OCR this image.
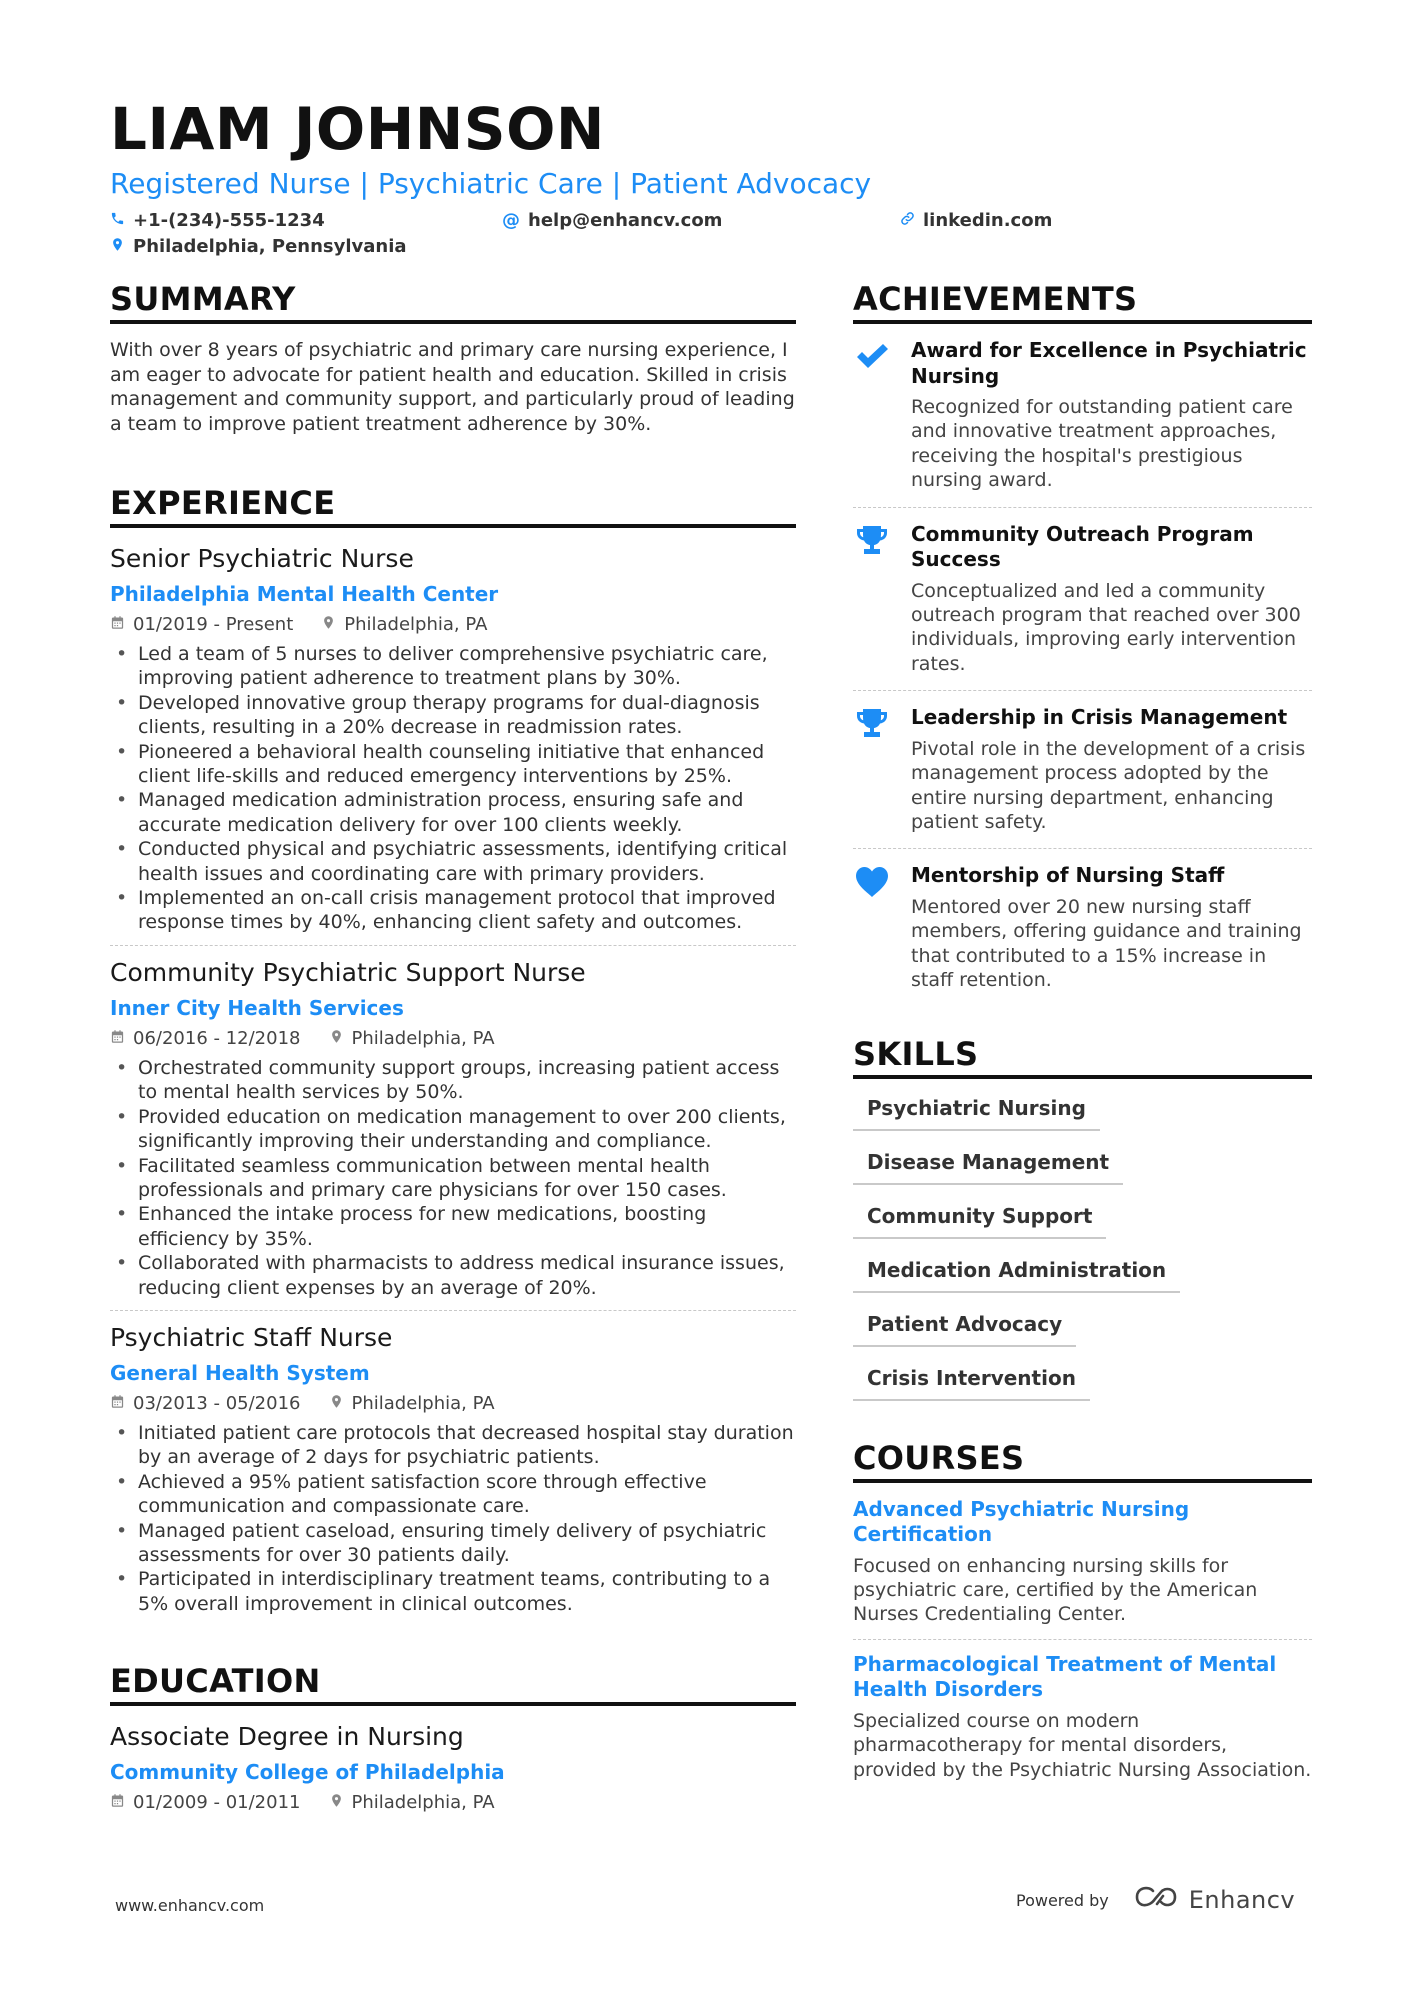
LIAM JOHNSON
Registered Nurse | Psychiatric Care | Patient Advocacy
+1-(234)-555-1234	@ help@enhancv.com	linkedin.com
Philadelphia, Pennsylvania
SUMMARY
With over 8 years of psychiatric and primary care nursing experience, I am eager to advocate for patient health and education. Skilled in crisis management and community support, and particularly proud of leading a team to improve patient treatment adherence by 30%.
EXPERIENCE
Senior Psychiatric Nurse
Philadelphia Mental Health Center
01/2019 - Present	Philadelphia, PA
• Led a team of 5 nurses to deliver comprehensive psychiatric care, improving patient adherence to treatment plans by 30%.
• Developed innovative group therapy programs for dual-diagnosis clients, resulting in a 20% decrease in readmission rates.
• Pioneered a behavioral health counseling initiative that enhanced client life-skills and reduced emergency interventions by 25%.
• Managed medication administration process, ensuring safe and accurate medication delivery for over 100 clients weekly.
• Conducted physical and psychiatric assessments, identifying critical health issues and coordinating care with primary providers.
• Implemented an on-call crisis management protocol that improved response times by 40%, enhancing client safety and outcomes.
Community Psychiatric Support Nurse
Inner City Health Services
06/2016 - 12/2018	Philadelphia, PA
• Orchestrated community support groups, increasing patient access to mental health services by 50%.
• Provided education on medication management to over 200 clients, significantly improving their understanding and compliance.
• Facilitated seamless communication between mental health professionals and primary care physicians for over 150 cases.
• Enhanced the intake process for new medications, boosting efficiency by 35%.
• Collaborated with pharmacists to address medical insurance issues, reducing client expenses by an average of 20%.
Psychiatric Staff Nurse
General Health System
03/2013 - 05/2016	Philadelphia, PA
• Initiated patient care protocols that decreased hospital stay duration by an average of 2 days for psychiatric patients.
• Achieved a 95% patient satisfaction score through effective communication and compassionate care.
• Managed patient caseload, ensuring timely delivery of psychiatric assessments for over 30 patients daily.
• Participated in interdisciplinary treatment teams, contributing to a 5% overall improvement in clinical outcomes.
EDUCATION
Associate Degree in Nursing
Community College of Philadelphia
01/2009 - 01/2011	Philadelphia, PA
ACHIEVEMENTS
Award for Excellence in Psychiatric Nursing
Recognized for outstanding patient care and innovative treatment approaches, receiving the hospital's prestigious nursing award.
Community Outreach Program Success
Conceptualized and led a community outreach program that reached over 300 individuals, improving early intervention rates.
Leadership in Crisis Management
Pivotal role in the development of a crisis management process adopted by the entire nursing department, enhancing patient safety.
Mentorship of Nursing Staff
Mentored over 20 new nursing staff members, offering guidance and training that contributed to a 15% increase in staff retention.
SKILLS
Psychiatric Nursing
Disease Management
Community Support
Medication Administration
Patient Advocacy
Crisis Intervention
COURSES
Advanced Psychiatric Nursing Certification
Focused on enhancing nursing skills for psychiatric care, certified by the American Nurses Credentialing Center.
Pharmacological Treatment of Mental Health Disorders
Specialized course on modern pharmacotherapy for mental disorders, provided by the Psychiatric Nursing Association.
www.enhancv.com	Powered by	Enhancv
